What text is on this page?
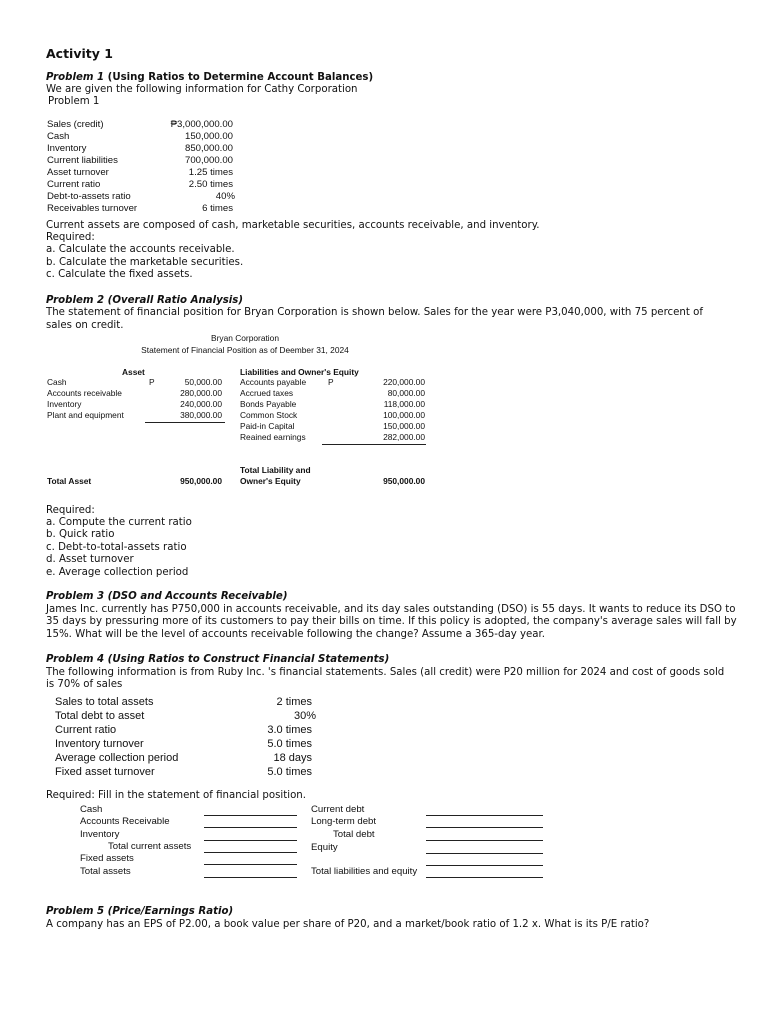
Activity 1
Problem 1 (Using Ratios to Determine Account Balances)
We are given the following information for Cathy Corporation
Problem 1
Sales (credit)	₱3,000,000.00
Cash	150,000.00
Inventory	850,000.00
Current liabilities	700,000.00
Asset turnover	1.25 times
Current ratio	2.50 times
Debt-to-assets ratio	40%
Receivables turnover	6 times
Current assets are composed of cash, marketable securities, accounts receivable, and inventory.
Required:
a. Calculate the accounts receivable.
b. Calculate the marketable securities.
c. Calculate the fixed assets.
Problem 2 (Overall Ratio Analysis)
The statement of financial position for Bryan Corporation is shown below. Sales for the year were P3,040,000, with 75 percent of
sales on credit.
Bryan Corporation
Statement of Financial Position as of Deember 31, 2024
Asset	Liabilities and Owner's Equity
P	P
Cash	50,000.00
Accounts receivable	280,000.00
Inventory	240,000.00
Plant and equipment	380,000.00
Accounts payable	220,000.00
Accrued taxes	80,000.00
Bonds Payable	118,000.00
Common Stock	100,000.00
Paid-in Capital	150,000.00
Reained earnings	282,000.00
Total Asset	950,000.00
Total Liability and
Owner's Equity	950,000.00
Required:
a. Compute the current ratio
b. Quick ratio
c. Debt-to-total-assets ratio
d. Asset turnover
e. Average collection period
Problem 3 (DSO and Accounts Receivable)
James Inc. currently has P750,000 in accounts receivable, and its day sales outstanding (DSO) is 55 days. It wants to reduce its DSO to
35 days by pressuring more of its customers to pay their bills on time. If this policy is adopted, the company's average sales will fall by
15%. What will be the level of accounts receivable following the change? Assume a 365-day year.
Problem 4 (Using Ratios to Construct Financial Statements)
The following information is from Ruby Inc. 's financial statements. Sales (all credit) were P20 million for 2024 and cost of goods sold
is 70% of sales
Sales to total assets	2 times
Total debt to asset	30%
Current ratio	3.0 times
Inventory turnover	5.0 times
Average collection period	18 days
Fixed asset turnover	5.0 times
Required: Fill in the statement of financial position.
Cash
Accounts Receivable
Inventory
Total current assets
Fixed assets
Total assets
Current debt
Long-term debt
Total debt
Equity
Total liabilities and equity
Problem 5 (Price/Earnings Ratio)
A company has an EPS of P2.00, a book value per share of P20, and a market/book ratio of 1.2 x. What is its P/E ratio?
